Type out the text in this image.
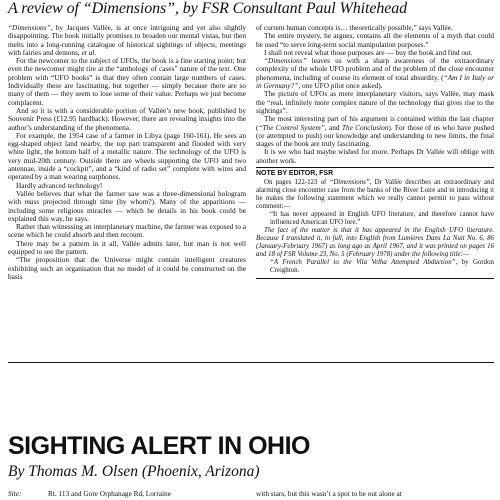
A review of “Dimensions”, by FSR Consultant Paul Whitehead

“Dimensions”, by Jacques Vallée, is at once intriguing and yet also slightly disappointing. The book initially promises to broaden our mental vistas, but then melts into a long-running catalogue of historical sightings of objects, meetings with fairies and demons, et al.

For the newcomer to the subject of UFOs, the book is a fine starting point; but even the newcomer might tire at the “anthology of cases” nature of the text. One problem with “UFO books” is that they often contain large numbers of cases. Individually these are fascinating, but together — simply because there are so many of them — they seem to lose some of their value. Perhaps we just become complacent.

And so it is with a considerable portion of Vallée’s new book, published by Souvenir Press (£12.95 hardback). However, there are revealing insights into the author’s understanding of the phenomena.

For example, the 1954 case of a farmer in Libya (page 160-161). He sees an egg-shaped object land nearby, the top part transparent and flooded with very white light, the bottom half of a metallic nature. The technology of the UFO is very mid-20th century. Outside there are wheels supporting the UFO and two antennae, inside a “cockpit”, and a “kind of radio set” complete with wires and operated by a man wearing earphones.

Hardly advanced technology!

Vallée believes that what the farmer saw was a three-dimensional hologram with mass projected through time (by whom?). Many of the apparitions — including some religious miracles — which he details in his book could be explained this way, he says.

Rather than witnessing an interplanetary machine, the farmer was exposed to a scene which he could absorb and then recount.

There may be a pattern in it all, Vallée admits later, but man is not well equipped to see the pattern.

“The proposition that the Universe might contain intelligent creatures exhibiting such an organisation that no model of it could be constructed on the basis

of current human concepts is… theoretically possible,” says Vallée.

The entire mystery, he argues, contains all the elements of a myth that could be used “to serve long-term social manipulation purposes.”

I shall not reveal what those purposes are — buy the book and find out.

“Dimensions” leaves us with a sharp awareness of the extraordinary complexity of the whole UFO problem and of the problem of the close encounter phenomena, including of course its element of total absurdity. (“Am I in Italy or in Germany?”, one UFO pilot once asked).

The picture of UFOs as mere interplanetary visitors, says Vallée, may mask the “real, infinitely more complex nature of the technology that gives rise to the sightings”.

The most interesting part of his argument is contained within the last chapter (“The Control System”, and The Conclusion). For those of us who have pushed (or attempted to push) our knowledge and understanding to new limits, the final stages of the book are truly fascinating.

It is we who had maybe wished for more. Perhaps Dr Vallée will oblige with another work.

NOTE BY EDITOR, FSR

On pages 122-123 of “Dimensions”, Dr Vallée describes an extraordinary and alarming close encounter case from the banks of the River Loire and in introducing it he makes the following statement which we really cannot permit to pass without comment:—

“It has never appeared in English UFO literature, and therefore cannot have influenced American UFO lore.”

The fact of the matter is that it has appeared in the English UFO literature. Because I translated it, in full, into English from Lumières Dans La Nuit No. 6, 86 (January-February 1967) as long ago as April 1967, and it was printed on pages 16 and 18 of FSR Volume 23, No. 5 (February 1978) under the following title:—

“A French Parallel to the Vila Velha Attempted Abduction”, by Gordon Creighton.

SIGHTING ALERT IN OHIO
By Thomas M. Olsen (Phoenix, Arizona)
Site:	Rt. 113 and Gore Orphanage Rd, Lorraine	with stars, but this wasn’t a spot to be out alone at
